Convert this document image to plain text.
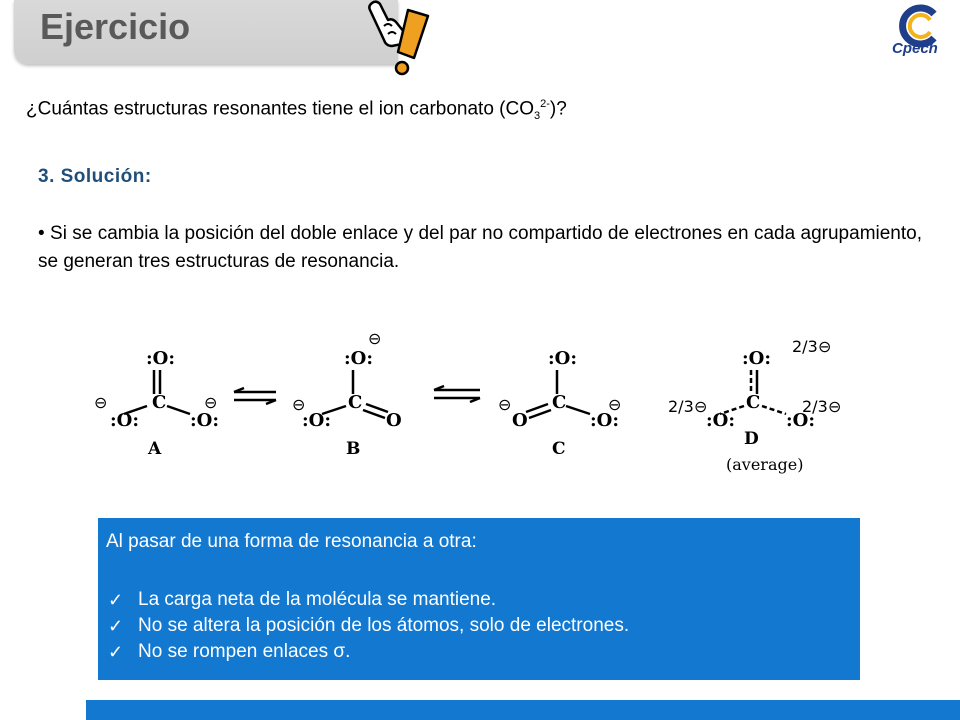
Ejercicio
Cpech
¿Cuántas estructuras resonantes tiene el ion carbonato $(CO_3^{2-})$?
3. Solución:
• Si se cambia la posición del doble enlace y del par no compartido de electrones en cada agrupamiento, se generan tres estructuras de resonancia.
:O:
C
:O:	:O:
:O:
C
:O:	O
:O:
C
O	:O:
:O:
C
:O:	:O:
⊖	⊖	⊖
⊖
⊖
⊖
2/3 ⊖
2/3 ⊖	2/3 ⊖
A	B	C	D
(average)
Al pasar de una forma de resonancia a otra:
✓ La carga neta de la molécula se mantiene.
✓ No se altera la posición de los átomos, solo de electrones.
✓ No se rompen enlaces σ.
